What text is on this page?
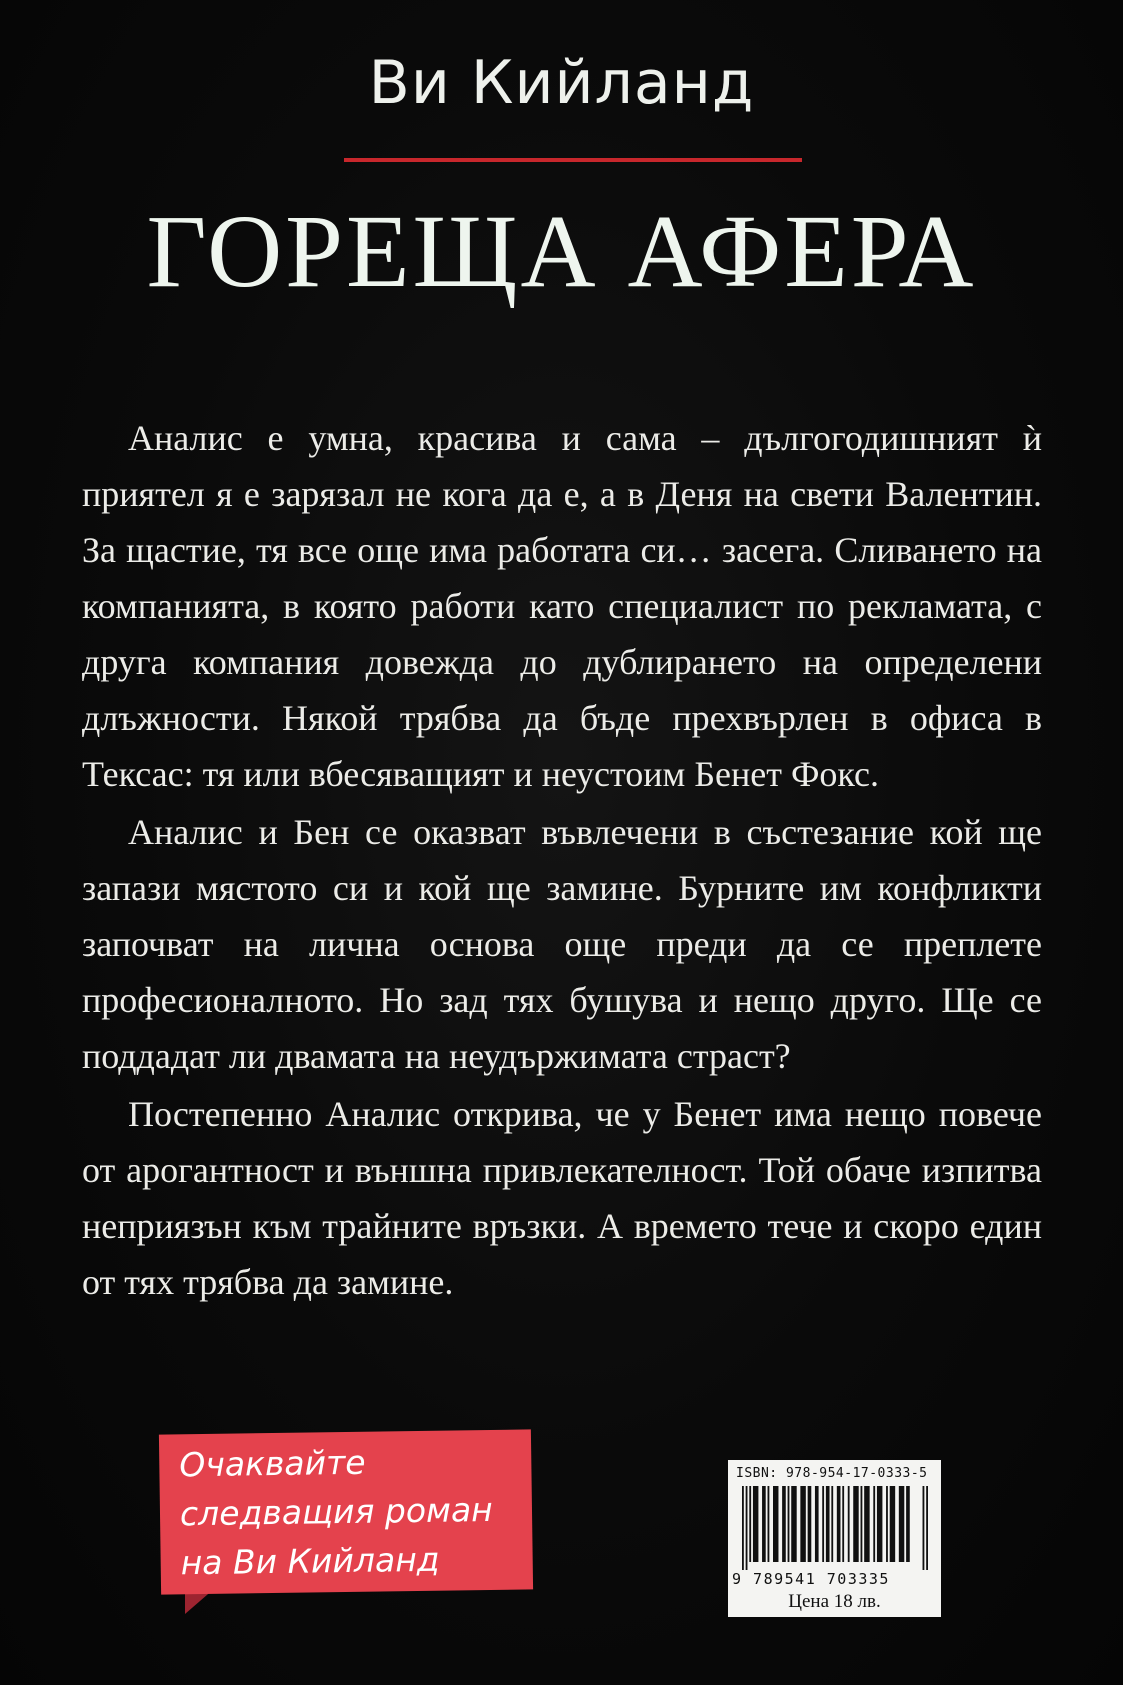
Ви Кийланд
ГОРЕЩА АФЕРА

Аналис е умна, красива и сама – дългогодишният ѝ приятел я е зарязал не кога да е, а в Деня на свети Валентин. За щастие, тя все още има работата си… засега. Сливането на компанията, в която работи като специалист по рекламата, с друга компания довежда до дублирането на определени длъжности. Някой трябва да бъде прехвърлен в офиса в Тексас: тя или вбесяващият и неустоим Бенет Фокс.

Аналис и Бен се оказват въвлечени в състезание кой ще запази мястото си и кой ще замине. Бурните им конфликти започват на лична основа още преди да се преплете професионалното. Но зад тях бушува и нещо друго. Ще се поддадат ли двамата на неудържимата страст?

Постепенно Аналис открива, че у Бенет има нещо повече от арогантност и външна привлекателност. Той обаче изпитва неприязън към трайните връзки. А времето тече и скоро един от тях трябва да замине.

Очаквайте
следващия роман
на Ви Кийланд
ISBN: 978-954-17-0333-5
9 789541 703335
Цена 18 лв.
